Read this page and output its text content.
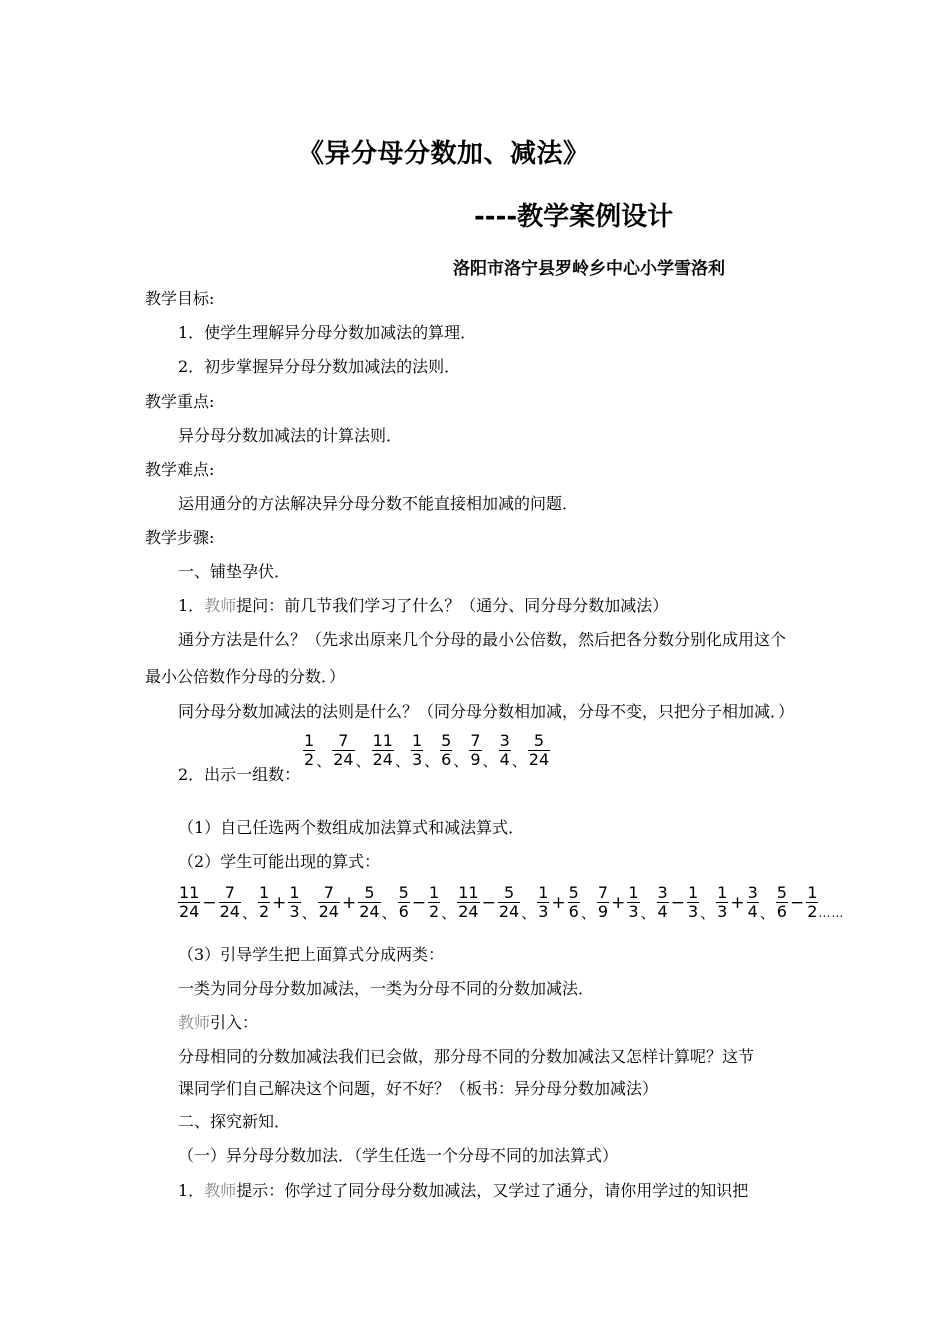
《异分母分数加、减法》
----教学案例设计
洛阳市洛宁县罗岭乡中心小学雪洛利
教学目标:
1．使学生理解异分母分数加减法的算理．
2．初步掌握异分母分数加减法的法则．
教学重点:
异分母分数加减法的计算法则．
教学难点:
运用通分的方法解决异分母分数不能直接相加减的问题．
教学步骤:
一、铺垫孕伏．
1．教师提问：前几节我们学习了什么？（通分、同分母分数加减法）
通分方法是什么？（先求出原来几个分母的最小公倍数，然后把各分数分别化成用这个
最小公倍数作分母的分数．）
同分母分数加减法的法则是什么？（同分母分数相加减，分母不变，只把分子相加减．）
2．出示一组数：
$\frac{1}{2}$ 、 $\frac{7}{24}$ 、 $\frac{11}{24}$ 、 $\frac{1}{3}$ 、 $\frac{5}{6}$ 、 $\frac{7}{9}$ 、 $\frac{3}{4}$ 、 $\frac{5}{24}$
（1）自己任选两个数组成加法算式和减法算式．
（2）学生可能出现的算式：
$\frac{11}{24} - \frac{7}{24}$ 、 $\frac{1}{2} + \frac{1}{3}$ 、 $\frac{7}{24} + \frac{5}{24}$ 、 $\frac{5}{6} - \frac{1}{2}$ 、 $\frac{11}{24} - \frac{5}{24}$ 、 $\frac{1}{3} + \frac{5}{6}$ 、 $\frac{7}{9} + \frac{1}{3}$ 、 $\frac{3}{4} - \frac{1}{3}$ 、 $\frac{1}{3} + \frac{3}{4}$ 、 $\frac{5}{6} - \frac{1}{2}$ ……
（3）引导学生把上面算式分成两类：
一类为同分母分数加减法，一类为分母不同的分数加减法．
教师引入：
分母相同的分数加减法我们已会做，那分母不同的分数加减法又怎样计算呢？这节
课同学们自己解决这个问题，好不好？（板书：异分母分数加减法）
二、探究新知．
（一）异分母分数加法．（学生任选一个分母不同的加法算式）
1．教师提示：你学过了同分母分数加减法，又学过了通分，请你用学过的知识把
